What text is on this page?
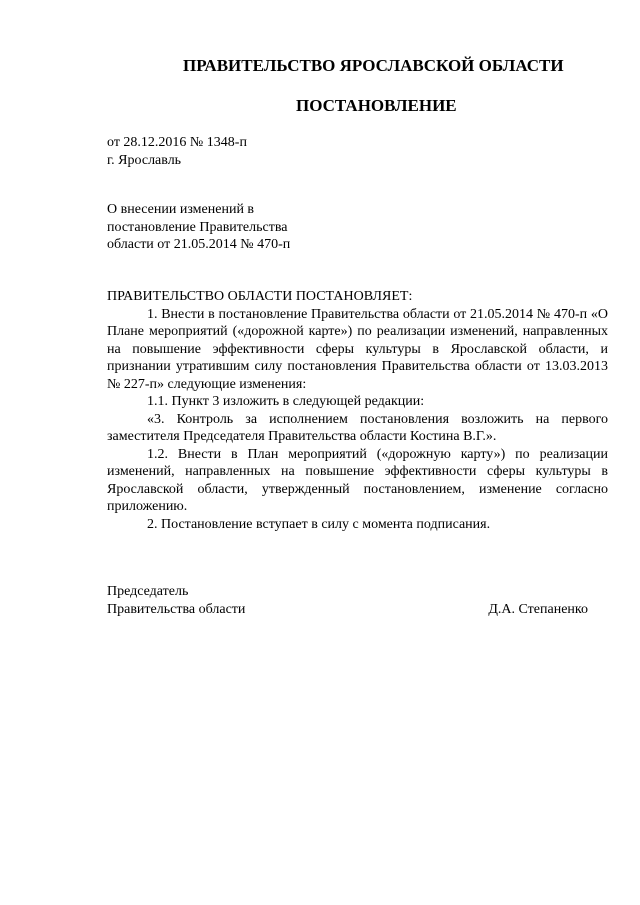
ПРАВИТЕЛЬСТВО ЯРОСЛАВСКОЙ ОБЛАСТИ
ПОСТАНОВЛЕНИЕ
от 28.12.2016 № 1348-п
г. Ярославль
О внесении изменений в
постановление Правительства
области от 21.05.2014 № 470-п

ПРАВИТЕЛЬСТВО ОБЛАСТИ ПОСТАНОВЛЯЕТ:

1. Внести в постановление Правительства области от 21.05.2014 № 470-п «О Плане мероприятий («дорожной карте») по реализации изменений, направленных на повышение эффективности сферы культуры в Ярославской области, и признании утратившим силу постановления Правительства области от 13.03.2013 № 227-п» следующие изменения:

1.1. Пункт 3 изложить в следующей редакции:

«3. Контроль за исполнением постановления возложить на первого заместителя Председателя Правительства области Костина В.Г.».

1.2. Внести в План мероприятий («дорожную карту») по реализации изменений, направленных на повышение эффективности сферы культуры в Ярославской области, утвержденный постановлением, изменение согласно приложению.

2. Постановление вступает в силу с момента подписания.

Председатель
Правительства области	Д.А. Степаненко
